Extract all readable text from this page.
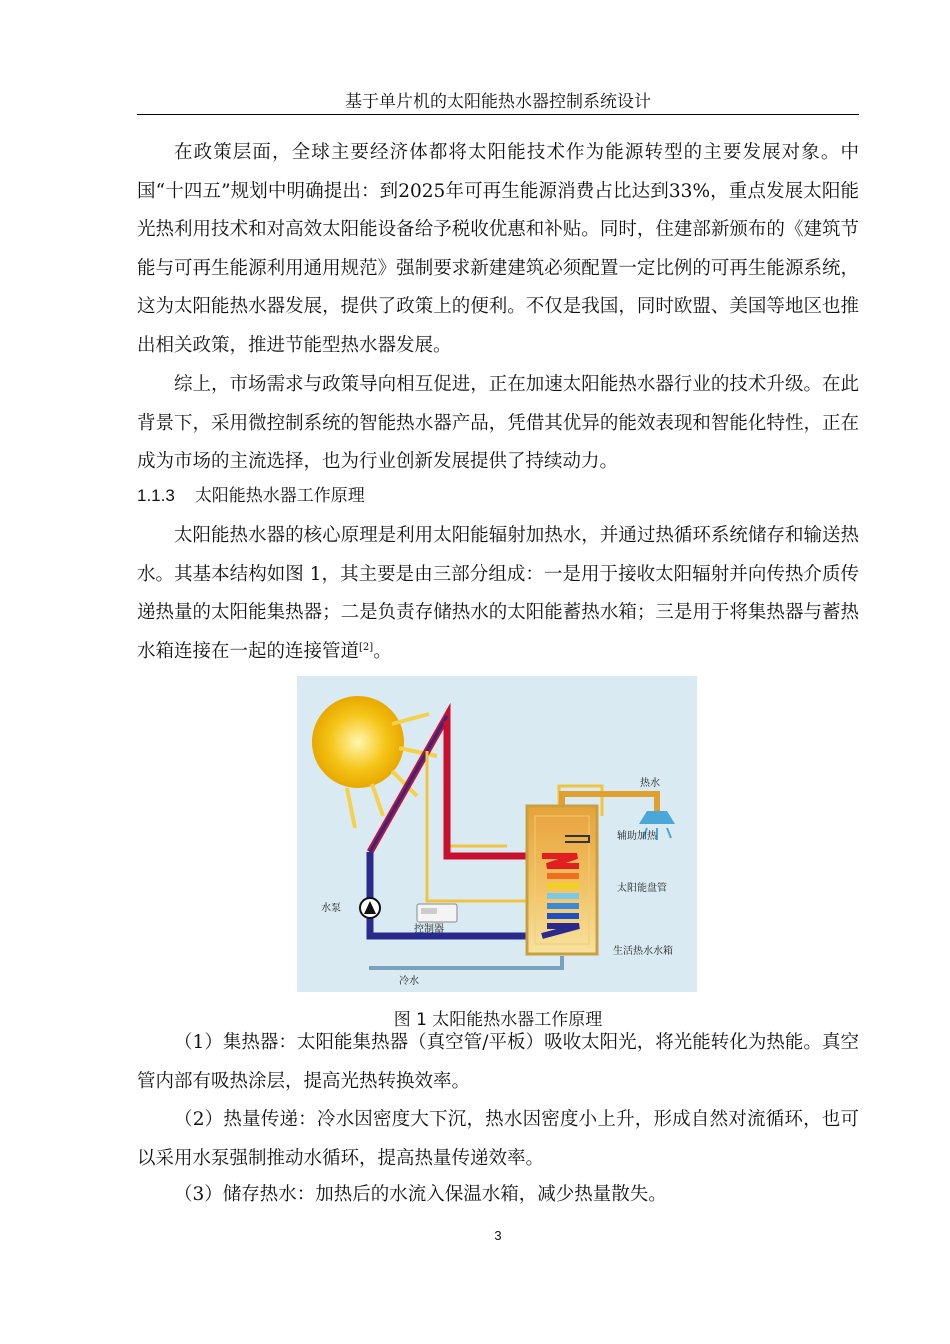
基于单片机的太阳能热水器控制系统设计

在政策层面，全球主要经济体都将太阳能技术作为能源转型的主要发展对象。中国“十四五”规划中明确提出：到2025年可再生能源消费占比达到33%，重点发展太阳能光热利用技术和对高效太阳能设备给予税收优惠和补贴。同时，住建部新颁布的《建筑节能与可再生能源利用通用规范》强制要求新建建筑必须配置一定比例的可再生能源系统，这为太阳能热水器发展，提供了政策上的便利。不仅是我国，同时欧盟、美国等地区也推出相关政策，推进节能型热水器发展。

综上，市场需求与政策导向相互促进，正在加速太阳能热水器行业的技术升级。在此背景下，采用微控制系统的智能热水器产品，凭借其优异的能效表现和智能化特性，正在成为市场的主流选择，也为行业创新发展提供了持续动力。

1.1.3 太阳能热水器工作原理

太阳能热水器的核心原理是利用太阳能辐射加热水，并通过热循环系统储存和输送热水。其基本结构如图 1，其主要是由三部分组成：一是用于接收太阳辐射并向传热介质传递热量的太阳能集热器；二是负责存储热水的太阳能蓄热水箱；三是用于将集热器与蓄热水箱连接在一起的连接管道[2]。

热水
辅助加热
太阳能盘管
生活热水水箱
水泵
控制器
冷水
图 1 太阳能热水器工作原理

（1）集热器：太阳能集热器（真空管/平板）吸收太阳光，将光能转化为热能。真空管内部有吸热涂层，提高光热转换效率。

（2）热量传递：冷水因密度大下沉，热水因密度小上升，形成自然对流循环，也可以采用水泵强制推动水循环，提高热量传递效率。

（3）储存热水：加热后的水流入保温水箱，减少热量散失。

3
